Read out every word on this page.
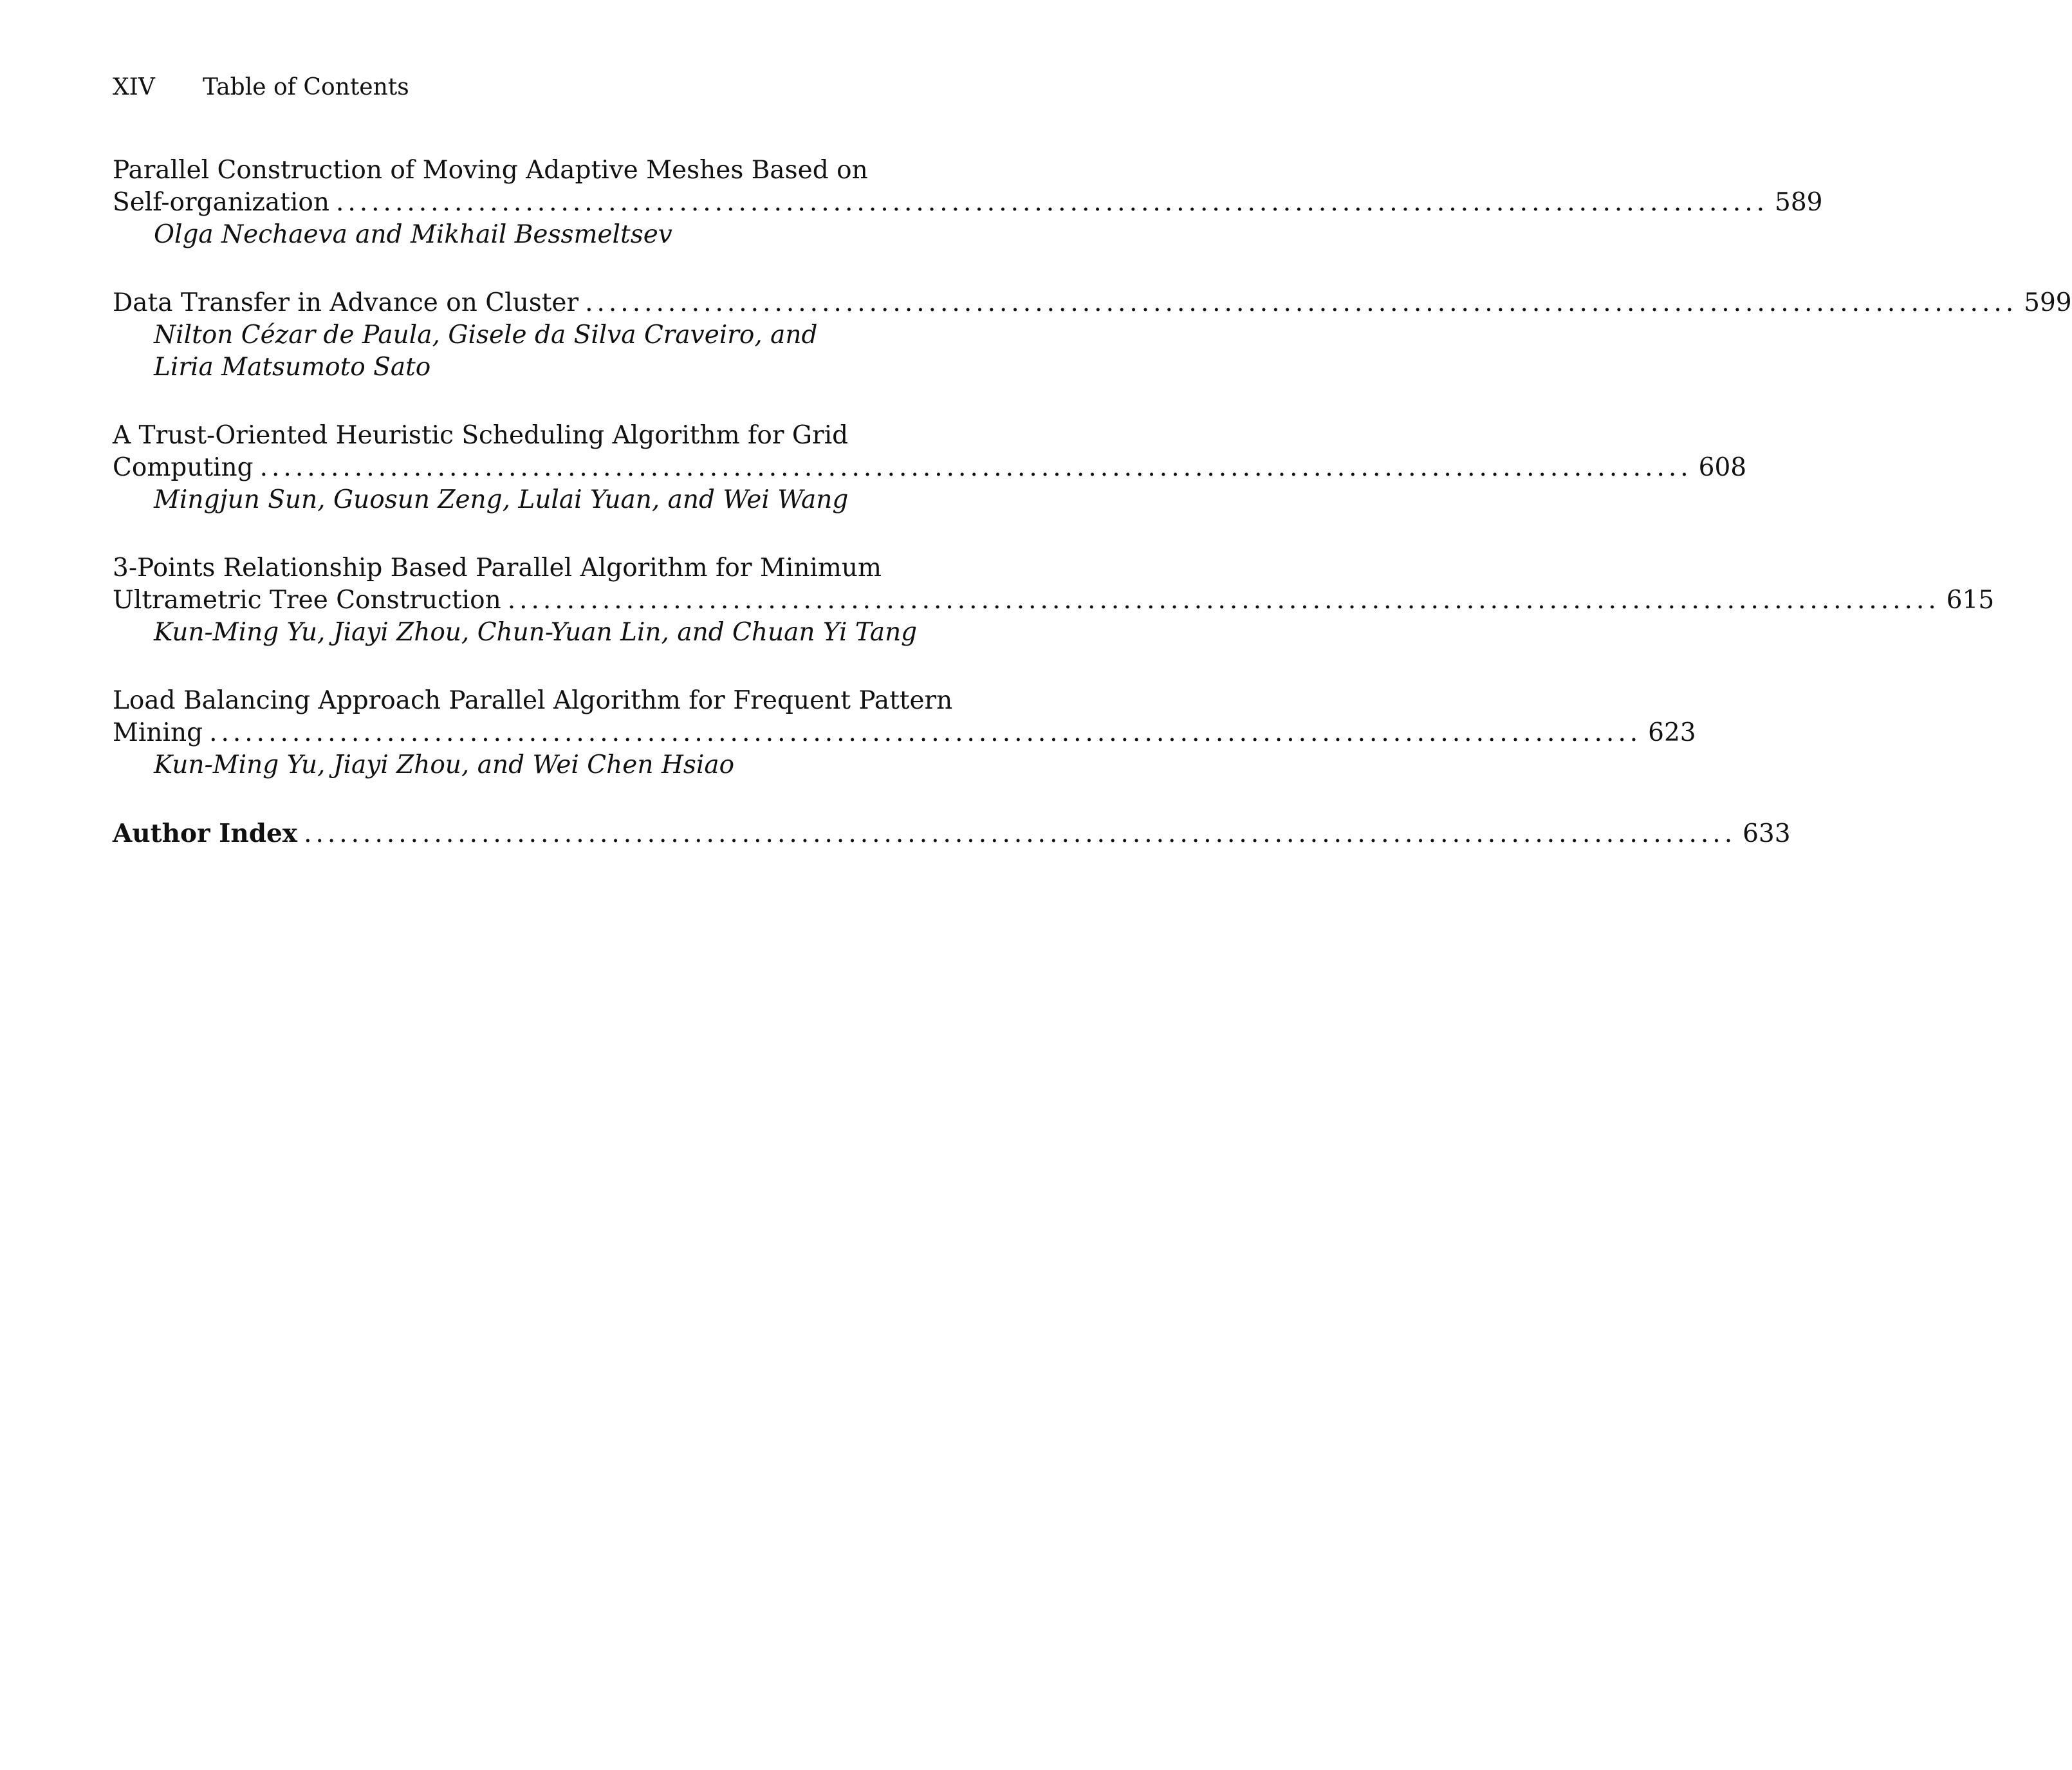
XIV Table of Contents
Parallel Construction of Moving Adaptive Meshes Based on
Self-organization ......................................................................................................................... 589
Olga Nechaeva and Mikhail Bessmeltsev
Data Transfer in Advance on Cluster ......................................................................................................................... 599
Nilton Cézar de Paula, Gisele da Silva Craveiro, and
Liria Matsumoto Sato
A Trust-Oriented Heuristic Scheduling Algorithm for Grid
Computing ......................................................................................................................... 608
Mingjun Sun, Guosun Zeng, Lulai Yuan, and Wei Wang
3-Points Relationship Based Parallel Algorithm for Minimum
Ultrametric Tree Construction ......................................................................................................................... 615
Kun-Ming Yu, Jiayi Zhou, Chun-Yuan Lin, and Chuan Yi Tang
Load Balancing Approach Parallel Algorithm for Frequent Pattern
Mining ......................................................................................................................... 623
Kun-Ming Yu, Jiayi Zhou, and Wei Chen Hsiao
Author Index ......................................................................................................................... 633
